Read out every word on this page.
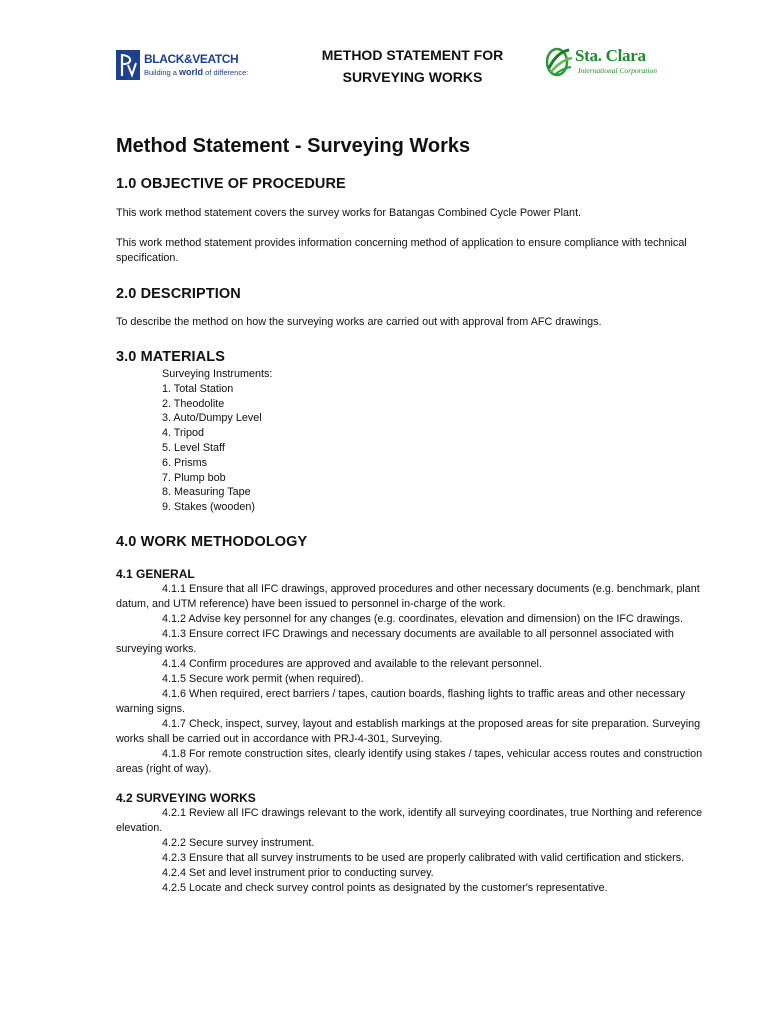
BLACK&VEATCH
Building a world of difference:
METHOD STATEMENT FOR
SURVEYING WORKS
Sta. Clara
International Corporation
Method Statement - Surveying Works
1.0 OBJECTIVE OF PROCEDURE

This work method statement covers the survey works for Batangas Combined Cycle Power Plant.

This work method statement provides information concerning method of application to ensure compliance with technical specification.

2.0 DESCRIPTION

To describe the method on how the surveying works are carried out with approval from AFC drawings.

3.0 MATERIALS
Surveying Instruments:
1. Total Station
2. Theodolite
3. Auto/Dumpy Level
4. Tripod
5. Level Staff
6. Prisms
7. Plump bob
8. Measuring Tape
9. Stakes (wooden)
4.0 WORK METHODOLOGY
4.1 GENERAL
4.1.1 Ensure that all IFC drawings, approved procedures and other necessary documents (e.g. benchmark, plant datum, and UTM reference) have been issued to personnel in-charge of the work.
4.1.2 Advise key personnel for any changes (e.g. coordinates, elevation and dimension) on the IFC drawings.
4.1.3 Ensure correct IFC Drawings and necessary documents are available to all personnel associated with surveying works.
4.1.4 Confirm procedures are approved and available to the relevant personnel.
4.1.5 Secure work permit (when required).
4.1.6 When required, erect barriers / tapes, caution boards, flashing lights to traffic areas and other necessary warning signs.
4.1.7 Check, inspect, survey, layout and establish markings at the proposed areas for site preparation. Surveying works shall be carried out in accordance with PRJ-4-301, Surveying.
4.1.8 For remote construction sites, clearly identify using stakes / tapes, vehicular access routes and construction areas (right of way).
4.2 SURVEYING WORKS
4.2.1 Review all IFC drawings relevant to the work, identify all surveying coordinates, true Northing and reference elevation.
4.2.2 Secure survey instrument.
4.2.3 Ensure that all survey instruments to be used are properly calibrated with valid certification and stickers.
4.2.4 Set and level instrument prior to conducting survey.
4.2.5 Locate and check survey control points as designated by the customer's representative.
